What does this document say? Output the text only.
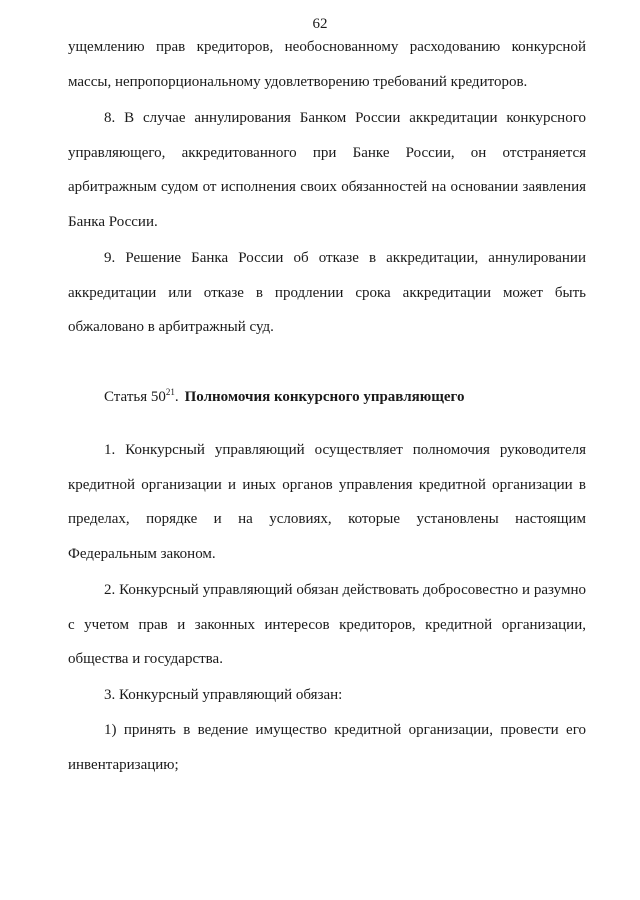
62

ущемлению прав кредиторов, необоснованному расходованию конкурсной массы, непропорциональному удовлетворению требований кредиторов.

8. В случае аннулирования Банком России аккредитации конкурсного управляющего, аккредитованного при Банке России, он отстраняется арбитражным судом от исполнения своих обязанностей на основании заявления Банка России.

9. Решение Банка России об отказе в аккредитации, аннулировании аккредитации или отказе в продлении срока аккредитации может быть обжаловано в арбитражный суд.

Статья $50^{21}$. Полномочия конкурсного управляющего

1. Конкурсный управляющий осуществляет полномочия руководителя кредитной организации и иных органов управления кредитной организации в пределах, порядке и на условиях, которые установлены настоящим Федеральным законом.

2. Конкурсный управляющий обязан действовать добросовестно и разумно с учетом прав и законных интересов кредиторов, кредитной организации, общества и государства.

3. Конкурсный управляющий обязан:

1) принять в ведение имущество кредитной организации, провести его инвентаризацию;
